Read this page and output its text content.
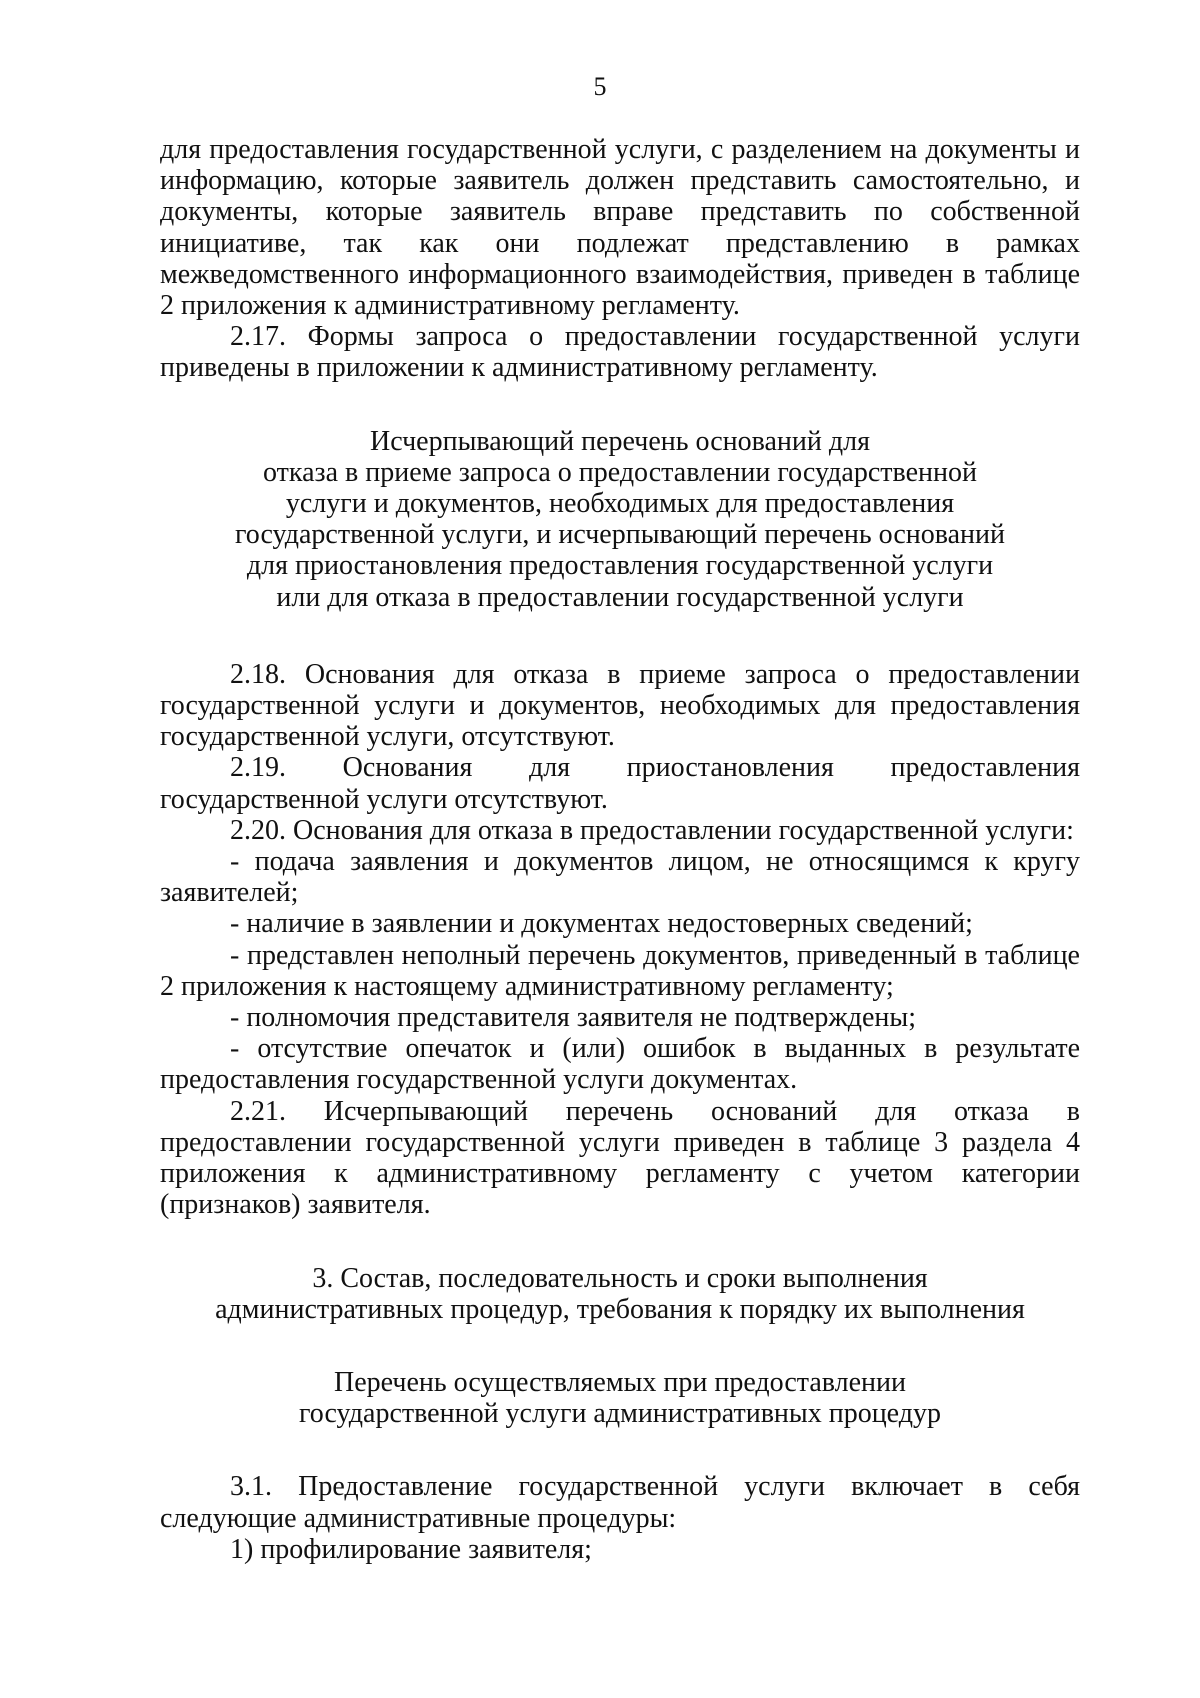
5

для предоставления государственной услуги, с разделением на документы и информацию, которые заявитель должен представить самостоятельно, и документы, которые заявитель вправе представить по собственной инициативе, так как они подлежат представлению в рамках межведомственного информационного взаимодействия, приведен в таблице 2 приложения к административному регламенту.

2.17. Формы запроса о предоставлении государственной услуги приведены в приложении к административному регламенту.

Исчерпывающий перечень оснований для

отказа в приеме запроса о предоставлении государственной

услуги и документов, необходимых для предоставления

государственной услуги, и исчерпывающий перечень оснований

для приостановления предоставления государственной услуги

или для отказа в предоставлении государственной услуги

2.18. Основания для отказа в приеме запроса о предоставлении государственной услуги и документов, необходимых для предоставления государственной услуги, отсутствуют.

2.19. Основания для приостановления предоставления государственной услуги отсутствуют.

2.20. Основания для отказа в предоставлении государственной услуги:

- подача заявления и документов лицом, не относящимся к кругу заявителей;

- наличие в заявлении и документах недостоверных сведений;

- представлен неполный перечень документов, приведенный в таблице 2 приложения к настоящему административному регламенту;

- полномочия представителя заявителя не подтверждены;

- отсутствие опечаток и (или) ошибок в выданных в результате предоставления государственной услуги документах.

2.21. Исчерпывающий перечень оснований для отказа в предоставлении государственной услуги приведен в таблице 3 раздела 4 приложения к административному регламенту с учетом категории (признаков) заявителя.

3. Состав, последовательность и сроки выполнения

административных процедур, требования к порядку их выполнения

Перечень осуществляемых при предоставлении

государственной услуги административных процедур

3.1. Предоставление государственной услуги включает в себя следующие административные процедуры:

1) профилирование заявителя;
